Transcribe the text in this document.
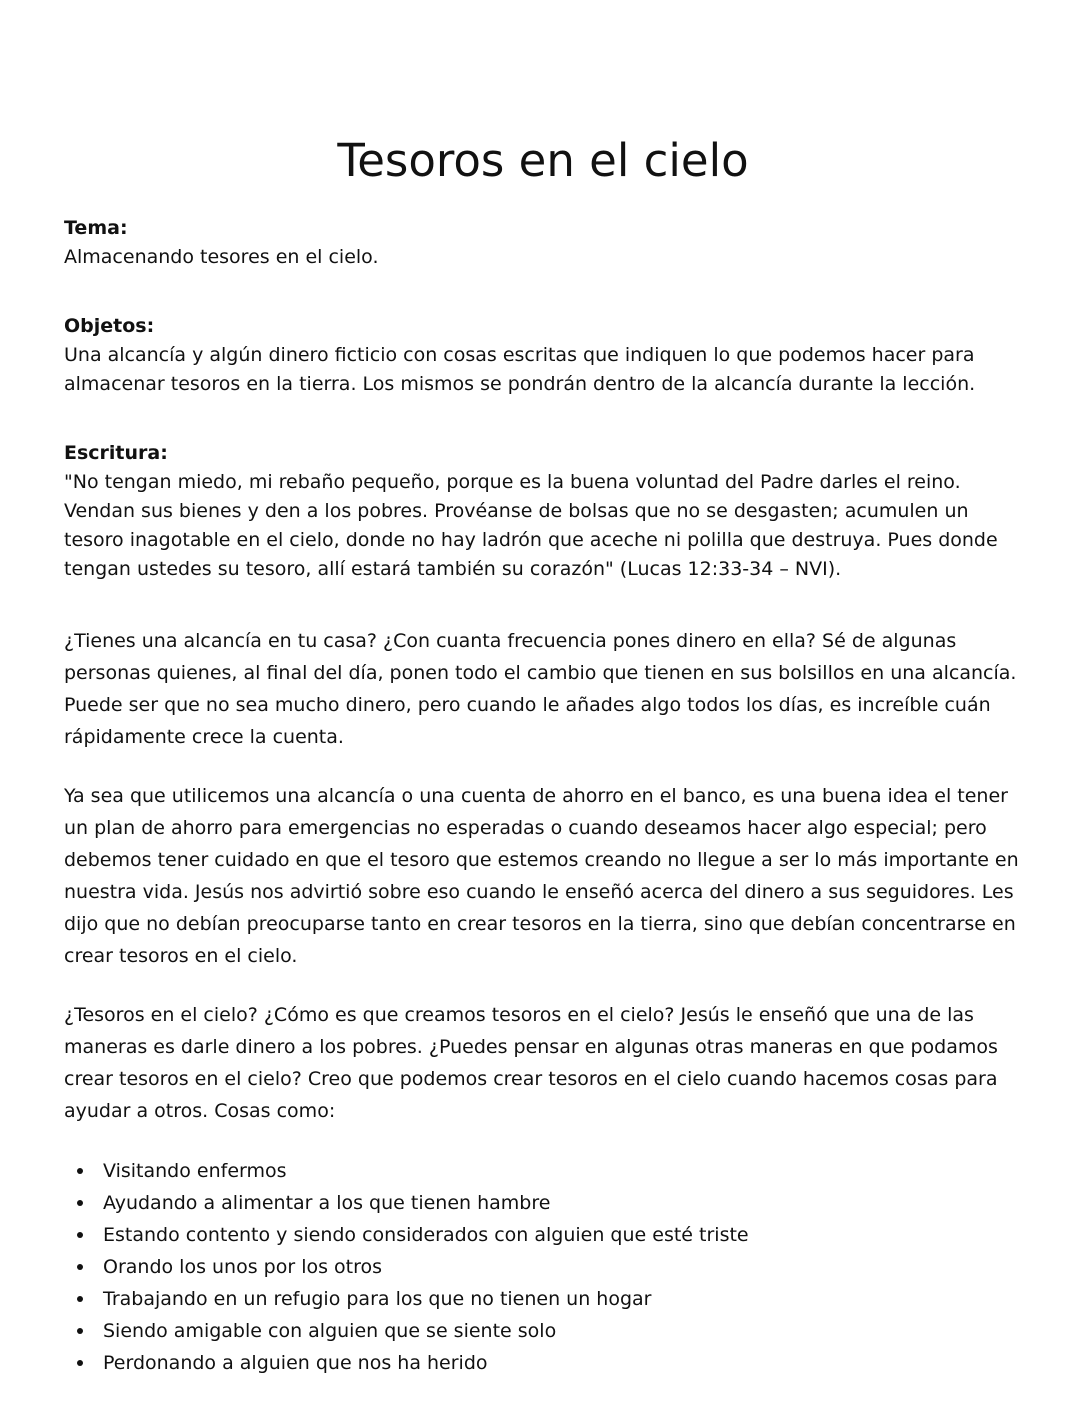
Tesoros en el cielo
Tema:
Almacenando tesores en el cielo.
Objetos:
Una alcancía y algún dinero ficticio con cosas escritas que indiquen lo que podemos hacer para almacenar tesoros en la tierra. Los mismos se pondrán dentro de la alcancía durante la lección.
Escritura:
"No tengan miedo, mi rebaño pequeño, porque es la buena voluntad del Padre darles el reino. Vendan sus bienes y den a los pobres. Provéanse de bolsas que no se desgasten; acumulen un tesoro inagotable en el cielo, donde no hay ladrón que aceche ni polilla que destruya. Pues donde tengan ustedes su tesoro, allí estará también su corazón" (Lucas 12:33-34 – NVI).

¿Tienes una alcancía en tu casa? ¿Con cuanta frecuencia pones dinero en ella? Sé de algunas personas quienes, al final del día, ponen todo el cambio que tienen en sus bolsillos en una alcancía. Puede ser que no sea mucho dinero, pero cuando le añades algo todos los días, es increíble cuán rápidamente crece la cuenta.

Ya sea que utilicemos una alcancía o una cuenta de ahorro en el banco, es una buena idea el tener un plan de ahorro para emergencias no esperadas o cuando deseamos hacer algo especial; pero debemos tener cuidado en que el tesoro que estemos creando no llegue a ser lo más importante en nuestra vida. Jesús nos advirtió sobre eso cuando le enseñó acerca del dinero a sus seguidores. Les dijo que no debían preocuparse tanto en crear tesoros en la tierra, sino que debían concentrarse en crear tesoros en el cielo.

¿Tesoros en el cielo? ¿Cómo es que creamos tesoros en el cielo? Jesús le enseñó que una de las maneras es darle dinero a los pobres. ¿Puedes pensar en algunas otras maneras en que podamos crear tesoros en el cielo? Creo que podemos crear tesoros en el cielo cuando hacemos cosas para ayudar a otros. Cosas como:

Visitando enfermos
Ayudando a alimentar a los que tienen hambre
Estando contento y siendo considerados con alguien que esté triste
Orando los unos por los otros
Trabajando en un refugio para los que no tienen un hogar
Siendo amigable con alguien que se siente solo
Perdonando a alguien que nos ha herido
